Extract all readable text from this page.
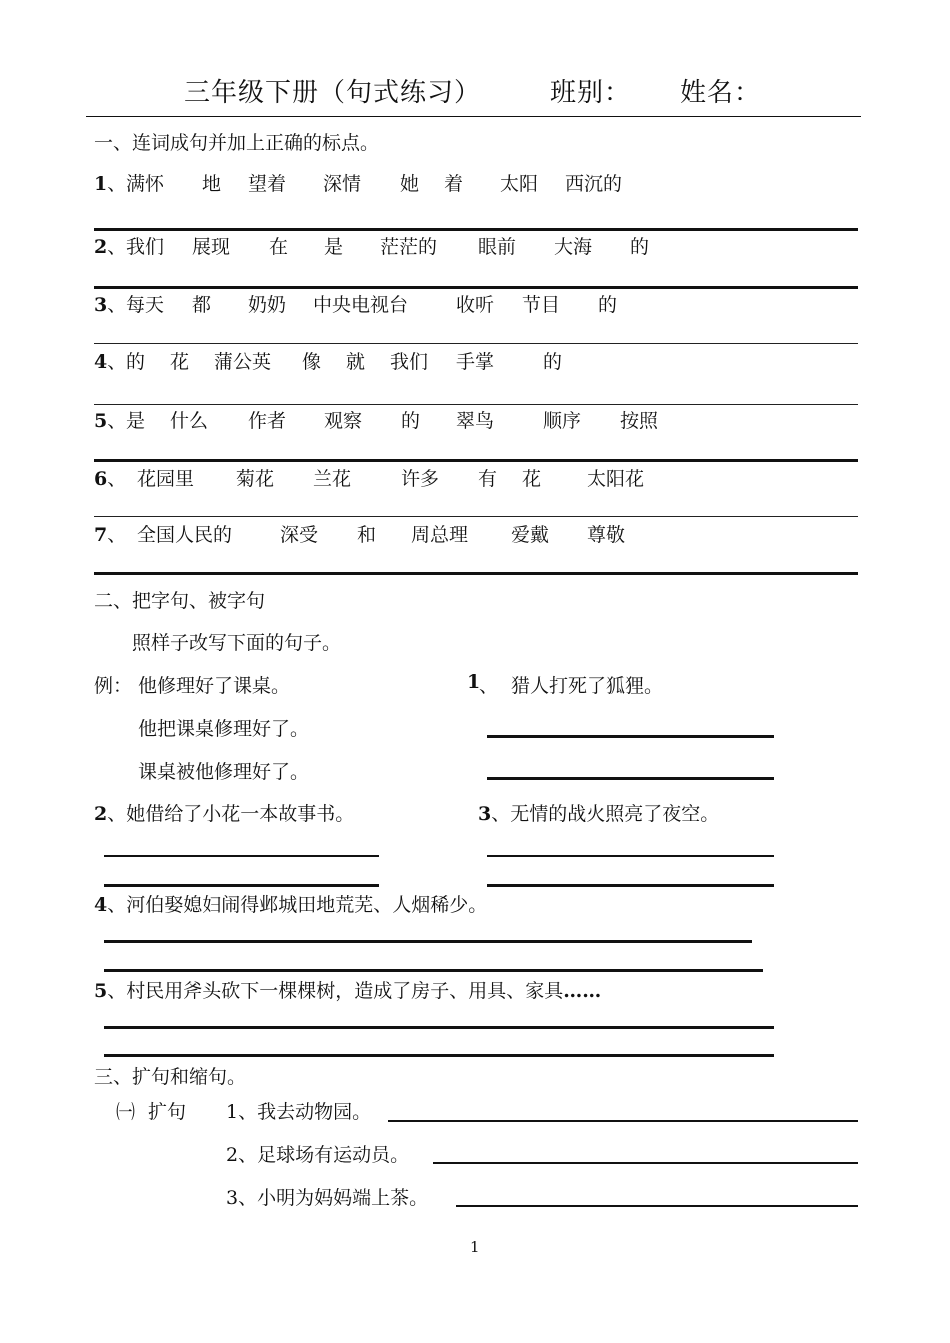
三年级下册（句式练习）	班别： 姓名：
一、连词成句并加上正确的标点。
1、 满怀 地 望着 深情 她 着 太阳 西沉的
2、 我们 展现 在 是 茫茫的 眼前 大海 的
3、 每天 都 奶奶 中央电视台	收听 节目 的
4、 的 花 蒲公英 像 就 我们 手掌	的
5、 是 什么 作者 观察 的 翠鸟	顺序 按照
6、 花园里 菊花 兰花	许多 有 花 太阳花
7、 全国人民的	深受 和 周总理 爱戴 尊敬
二、把字句、被字句
照样子改写下面的句子。
例： 他修理好了课桌。
他把课桌修理好了。
课桌被他修理好了。
1
、 猎人打死了狐狸。
2、她借给了小花一本故事书。	3、无情的战火照亮了夜空。
4、河伯娶媳妇闹得邺城田地荒芜、人烟稀少。
5、村民用斧头砍下一棵棵树，造成了房子、用具、家具……
三、扩句和缩句。
㈠ 扩句 1、我去动物园。
2、足球场有运动员。
3、小明为妈妈端上茶。
1
